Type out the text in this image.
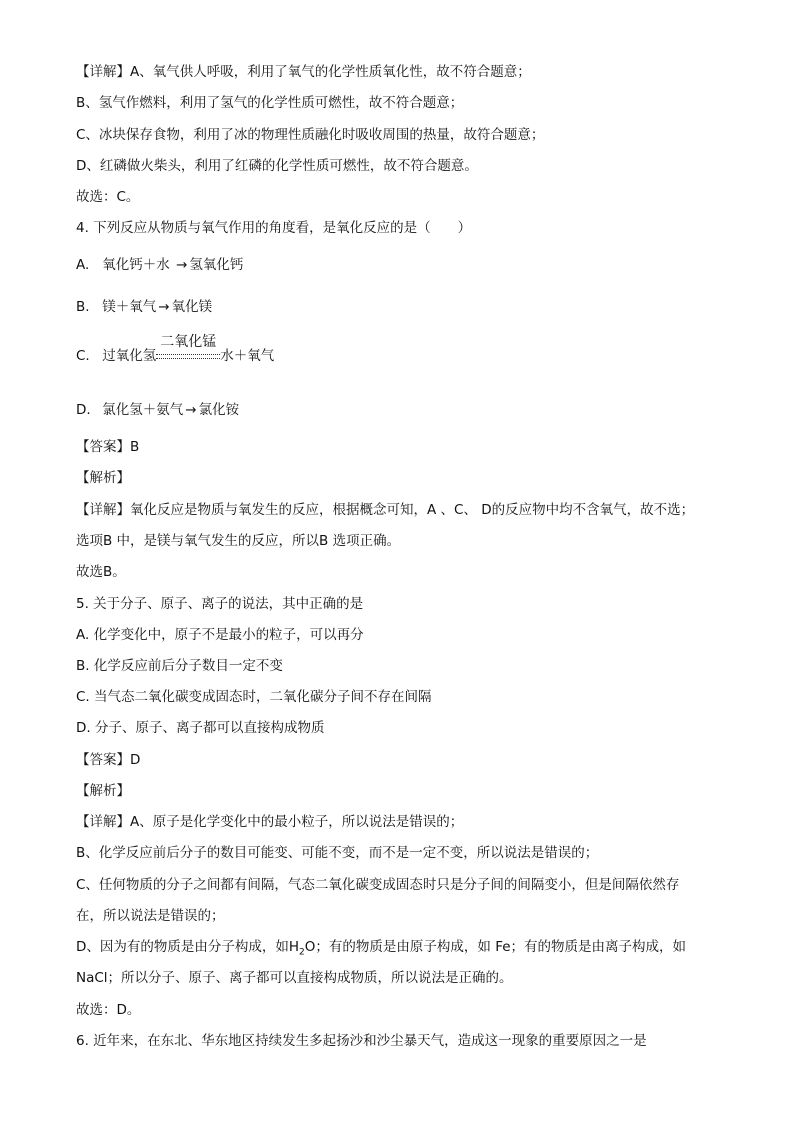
【详解】A、氧气供人呼吸，利用了氧气的化学性质氧化性，故不符合题意；
B、氢气作燃料，利用了氢气的化学性质可燃性，故不符合题意；
C、冰块保存食物，利用了冰的物理性质融化时吸收周围的热量，故符合题意；
D、红磷做火柴头，利用了红磷的化学性质可燃性，故不符合题意。
故选：C。
4. 下列反应从物质与氧气作用的角度看，是氧化反应的是（　　）
A. 氧化钙＋水 → 氢氧化钙
B. 镁＋氧气 → 氧化镁
C. 过氧化氢
二氧化锰
水＋氧气
D. 氯化氢＋氨气 → 氯化铵
【答案】B
【解析】
【详解】氧化反应是物质与氧发生的反应，根据概念可知，A 、C、 D的反应物中均不含氧气，故不选；
选项B 中，是镁与氧气发生的反应，所以B 选项正确。
故选B。
5. 关于分子、原子、离子的说法，其中正确的是
A. 化学变化中，原子不是最小的粒子，可以再分
B. 化学反应前后分子数目一定不变
C. 当气态二氧化碳变成固态时，二氧化碳分子间不存在间隔
D. 分子、原子、离子都可以直接构成物质
【答案】D
【解析】
【详解】A、原子是化学变化中的最小粒子，所以说法是错误的；
B、化学反应前后分子的数目可能变、可能不变，而不是一定不变，所以说法是错误的；
C、任何物质的分子之间都有间隔，气态二氧化碳变成固态时只是分子间的间隔变小，但是间隔依然存
在，所以说法是错误的；
D、因为有的物质是由分子构成，如$H_2O$；有的物质是由原子构成，如 Fe；有的物质是由离子构成，如
NaCl；所以分子、原子、离子都可以直接构成物质，所以说法是正确的。
故选：D。
6. 近年来，在东北、华东地区持续发生多起扬沙和沙尘暴天气，造成这一现象的重要原因之一是
